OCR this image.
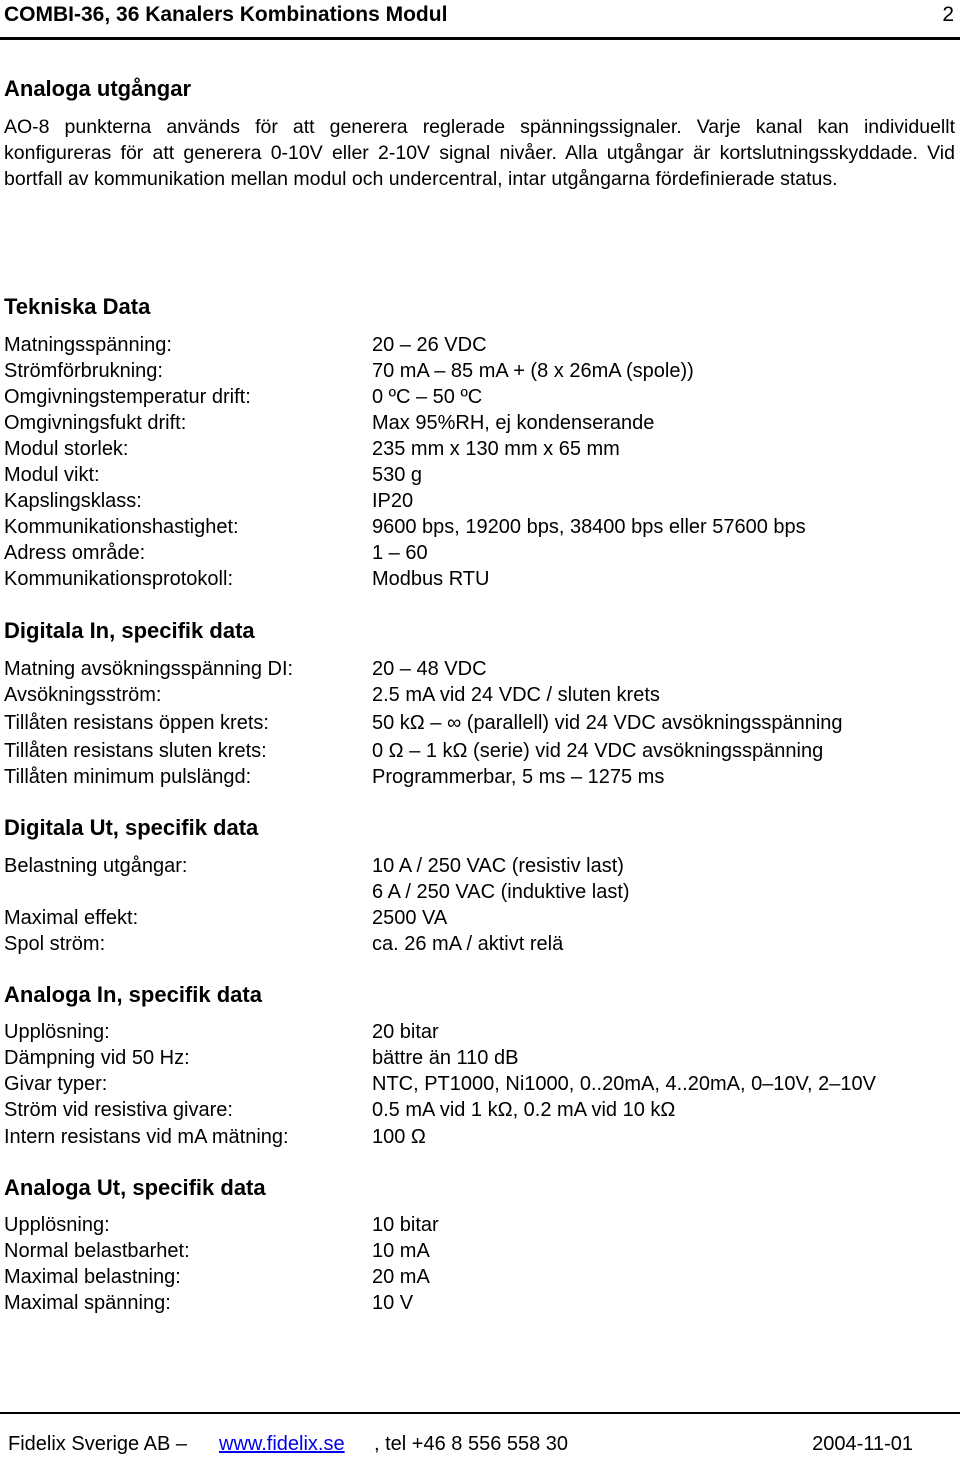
COMBI-36, 36 Kanalers Kombinations Modul	2
Analoga utgångar

AO-8 punkterna används för att generera reglerade spänningssignaler. Varje kanal kan individuellt konfigureras för att generera 0-10V eller 2-10V signal nivåer. Alla utgångar är kortslutningsskyddade. Vid bortfall av kommunikation mellan modul och undercentral, intar utgångarna fördefinierade status.

Tekniska Data
Matningsspänning:	20 – 26 VDC
Strömförbrukning:	70 mA – 85 mA + (8 x 26mA (spole))
Omgivningstemperatur drift:	0 ºC – 50 ºC
Omgivningsfukt drift:	Max 95%RH, ej kondenserande
Modul storlek:	235 mm x 130 mm x 65 mm
Modul vikt:	530 g
Kapslingsklass:	IP20
Kommunikationshastighet:	9600 bps, 19200 bps, 38400 bps eller 57600 bps
Adress område:	1 – 60
Kommunikationsprotokoll:	Modbus RTU
Digitala In, specifik data
Matning avsökningsspänning DI:	20 – 48 VDC
Avsökningsström:	2.5 mA vid 24 VDC / sluten krets
Tillåten resistans öppen krets:	50 kΩ – ∞ (parallell) vid 24 VDC avsökningsspänning
Tillåten resistans sluten krets:	0 Ω – 1 kΩ (serie) vid 24 VDC avsökningsspänning
Tillåten minimum pulslängd:	Programmerbar, 5 ms – 1275 ms
Digitala Ut, specifik data
Belastning utgångar:	10 A / 250 VAC (resistiv last)
6 A / 250 VAC (induktive last)
Maximal effekt:	2500 VA
Spol ström:	ca. 26 mA / aktivt relä
Analoga In, specifik data
Upplösning:	20 bitar
Dämpning vid 50 Hz:	bättre än 110 dB
Givar typer:	NTC, PT1000, Ni1000, 0..20mA, 4..20mA, 0–10V, 2–10V
Ström vid resistiva givare:	0.5 mA vid 1 kΩ, 0.2 mA vid 10 kΩ
Intern resistans vid mA mätning:	100 Ω
Analoga Ut, specifik data
Upplösning:	10 bitar
Normal belastbarhet:	10 mA
Maximal belastning:	20 mA
Maximal spänning:	10 V
Fidelix Sverige AB – www.fidelix.se , tel +46 8 556 558 30	2004-11-01
